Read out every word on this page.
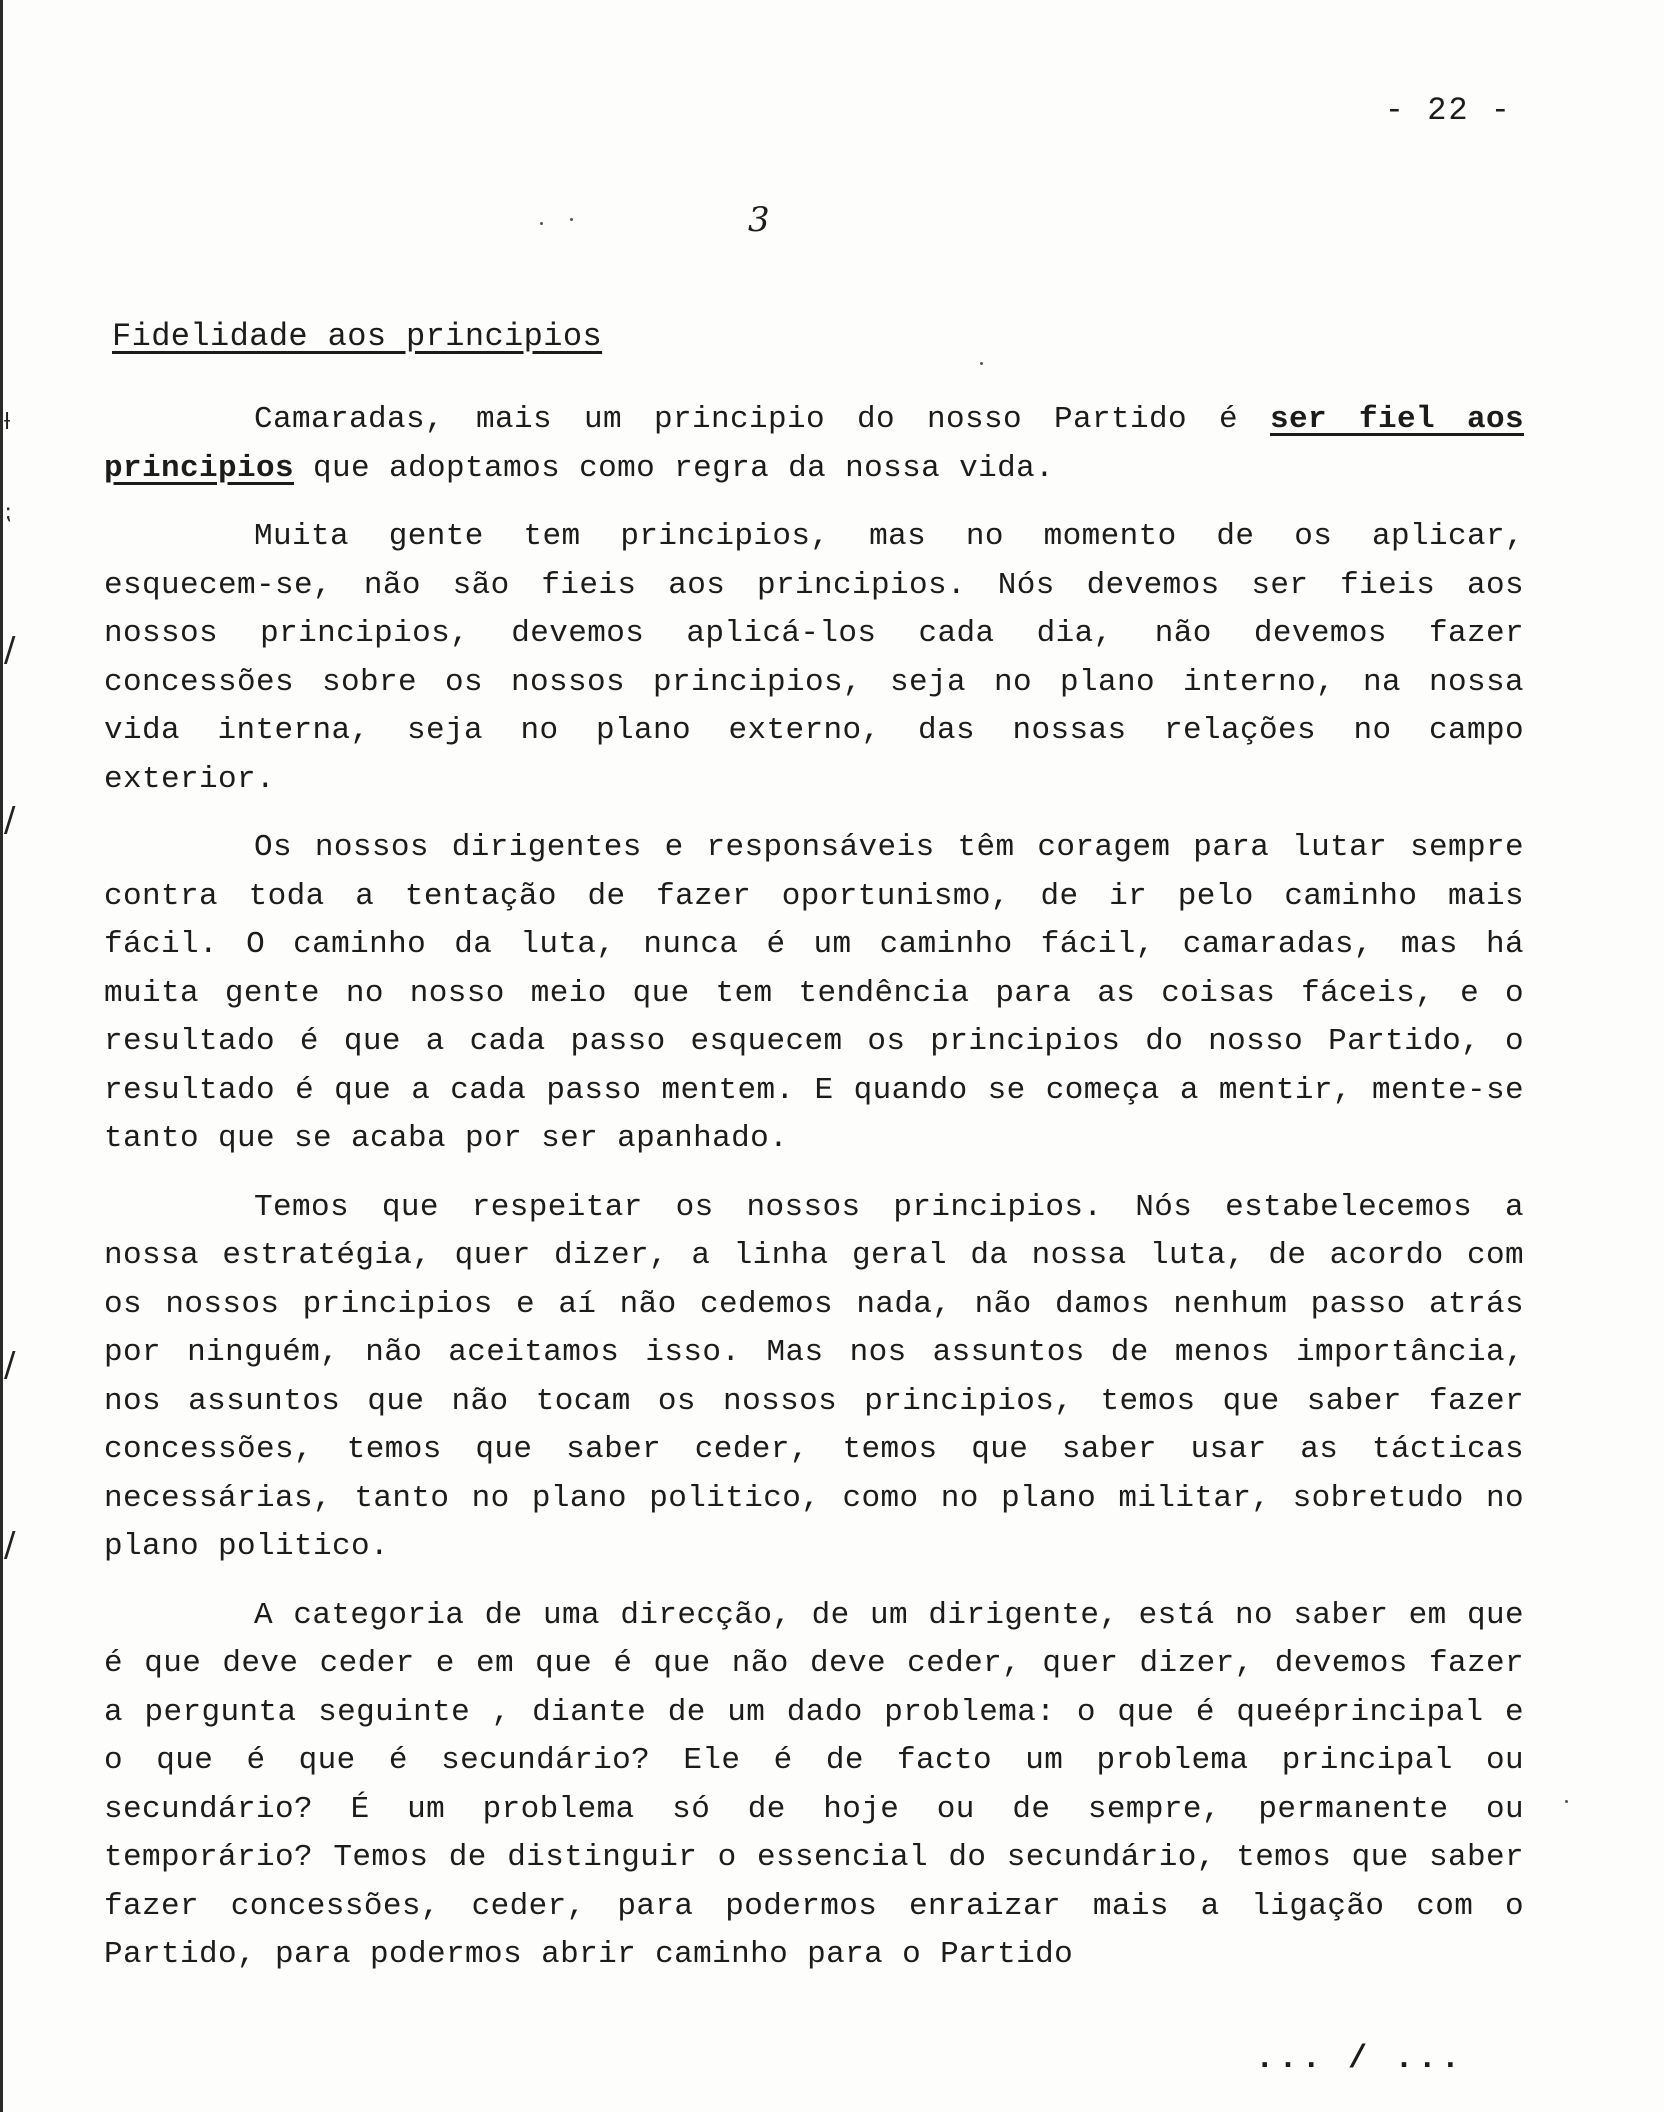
ƚ
⁏
/
/
/
/
- 22 -
3
Fidelidade aos principios

Camaradas, mais um principio do nosso Partido é ser fiel aos principios que adoptamos como regra da nossa vida.

Muita gente tem principios, mas no momento de os aplicar, esquecem-se, não são fieis aos principios. Nós devemos ser fieis aos nossos principios, devemos aplicá-los cada dia, não devemos fazer concessões sobre os nossos principios, seja no plano interno, na nossa vida interna, seja no plano externo, das nossas relações no campo exterior.

Os nossos dirigentes e responsáveis têm coragem para lutar sempre contra toda a tentação de fazer oportunismo, de ir pelo caminho mais fácil. O caminho da luta, nunca é um caminho fácil, camaradas, mas há muita gente no nosso meio que tem tendência para as coisas fáceis, e o resultado é que a cada passo esquecem os principios do nosso Partido, o resultado é que a cada passo mentem. E quando se começa a mentir, mente-se tanto que se acaba por ser apanhado.

Temos que respeitar os nossos principios. Nós estabelecemos a nossa estratégia, quer dizer, a linha geral da nossa luta, de acordo com os nossos principios e aí não cedemos nada, não damos nenhum passo atrás por ninguém, não aceitamos isso. Mas nos assuntos de menos importância, nos assuntos que não tocam os nossos principios, temos que saber fazer concessões, temos que saber ceder, temos que saber usar as tácticas necessárias, tanto no plano politico, como no plano militar, sobretudo no plano politico.

A categoria de uma direcção, de um dirigente, está no saber em que é que deve ceder e em que é que não deve ceder, quer dizer, devemos fazer a pergunta seguinte , diante de um dado problema: o que é queéprincipal e o que é que é secundário? Ele é de facto um problema principal ou secundário? É um problema só de hoje ou de sempre, permanente ou temporário? Temos de distinguir o essencial do secundário, temos que saber fazer concessões, ceder, para podermos enraizar mais a ligação com o Partido, para podermos abrir caminho para o Partido

... / ...
